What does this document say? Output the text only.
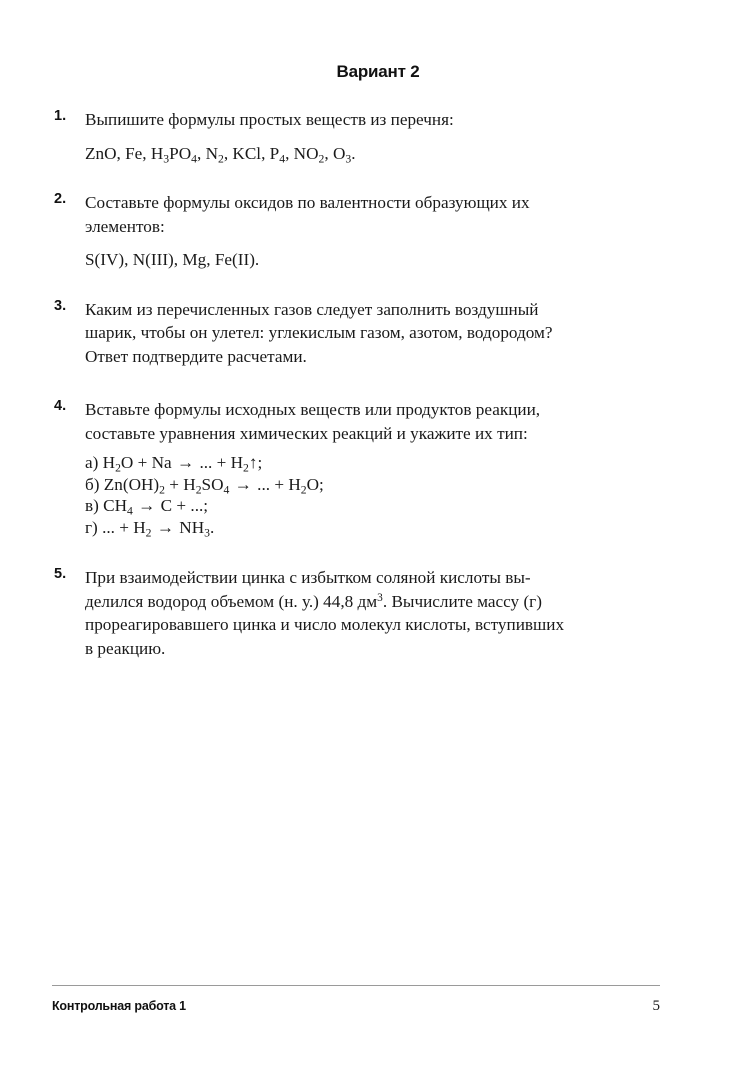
Вариант 2
1. Выпишите формулы простых веществ из перечня:
ZnO, Fe, $H_3PO_4$, $N_2$, KCl, $P_4$, $NO_2$, $O_3$.
2. Составьте формулы оксидов по валентности образующих их
элементов:
S(IV), N(III), Mg, Fe(II).
3. Каким из перечисленных газов следует заполнить воздушный
шарик, чтобы он улетел: углекислым газом, азотом, водородом?
Ответ подтвердите расчетами.
4. Вставьте формулы исходных веществ или продуктов реакции,
составьте уравнения химических реакций и укажите их тип:
а) $H_2O + Na$ → ... + $H_2↑$;
б) $Zn(OH)_2 + H_2SO_4$ → ... + $H_2O$;
в) $CH_4 \to C$ + ...;
г) ... + $H_2 \to NH_3$.
5. При взаимодействии цинка с избытком соляной кислоты вы-
делился водород объемом (н. у.) 44,8 $дм^3$. Вычислите массу (г)
прореагировавшего цинка и число молекул кислоты, вступивших
в реакцию.
Контрольная работа 1	5
